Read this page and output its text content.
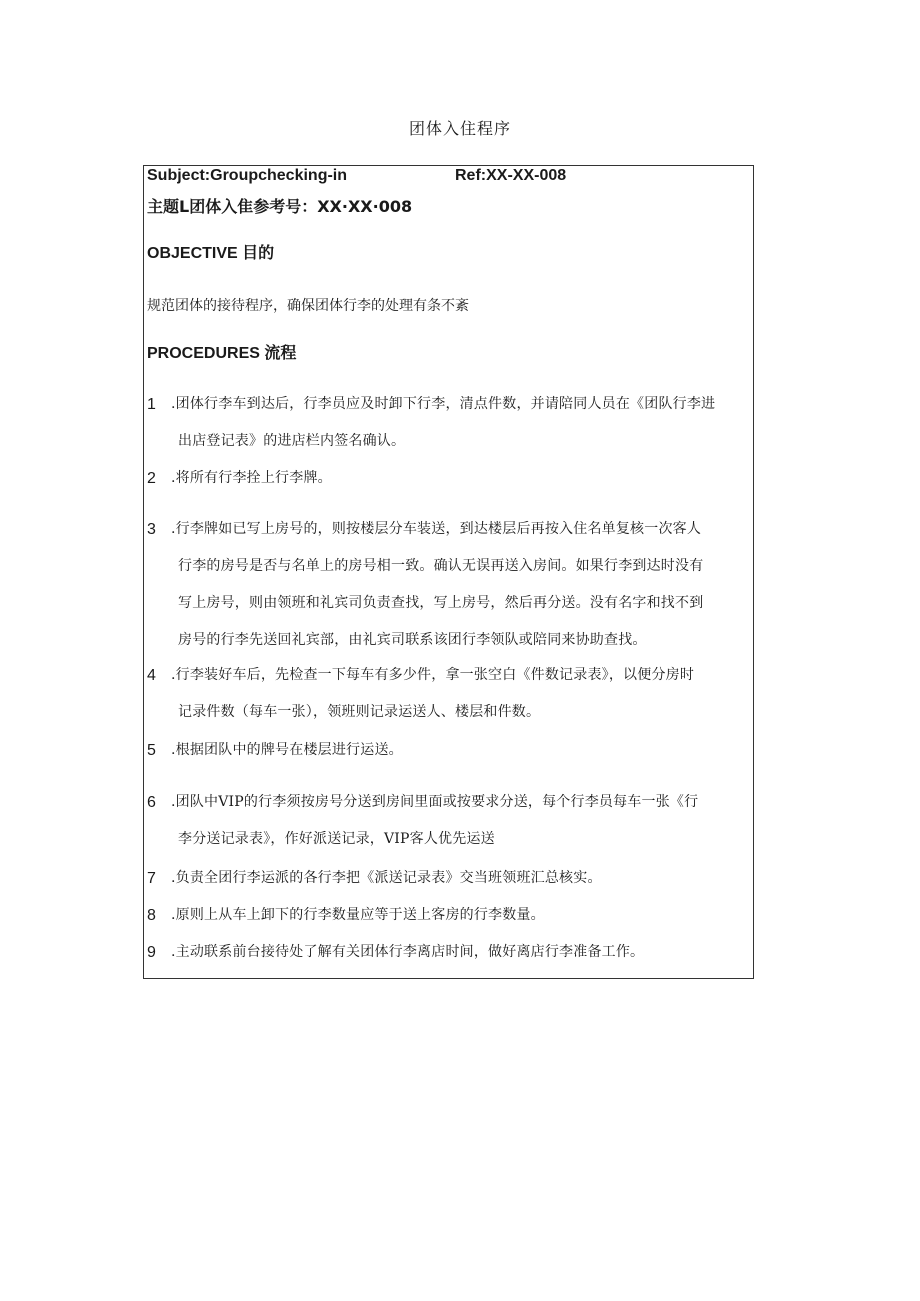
团体入住程序
Subject:Groupchecking-in	Ref:XX-XX-008
主题L团体入隹参考号：XX·XX·008
OBJECTIVE 目的
规范团体的接待程序，确保团体行李的处理有条不紊
PROCEDURES 流程
1 .团体行李车到达后，行李员应及时卸下行李，清点件数，并请陪同人员在《团队行李进
出店登记表》的进店栏内签名确认。
2 .将所有行李拴上行李牌。
3 .行李牌如已写上房号的，则按楼层分车装送，到达楼层后再按入住名单复核一次客人
行李的房号是否与名单上的房号相一致。确认无误再送入房间。如果行李到达时没有
写上房号，则由领班和礼宾司负责查找，写上房号，然后再分送。没有名字和找不到
房号的行李先送回礼宾部，由礼宾司联系该团行李领队或陪同来协助查找。
4 .行李装好车后，先检查一下每车有多少件，拿一张空白《件数记录表》，以便分房时
记录件数（每车一张），领班则记录运送人、楼层和件数。
5 .根据团队中的牌号在楼层进行运送。
6 .团队中VIP的行李须按房号分送到房间里面或按要求分送，每个行李员每车一张《行
李分送记录表》，作好派送记录，VIP客人优先运送
7 .负责全团行李运派的各行李把《派送记录表》交当班领班汇总核实。
8 .原则上从车上卸下的行李数量应等于送上客房的行李数量。
9 .主动联系前台接待处了解有关团体行李离店时间，做好离店行李准备工作。
